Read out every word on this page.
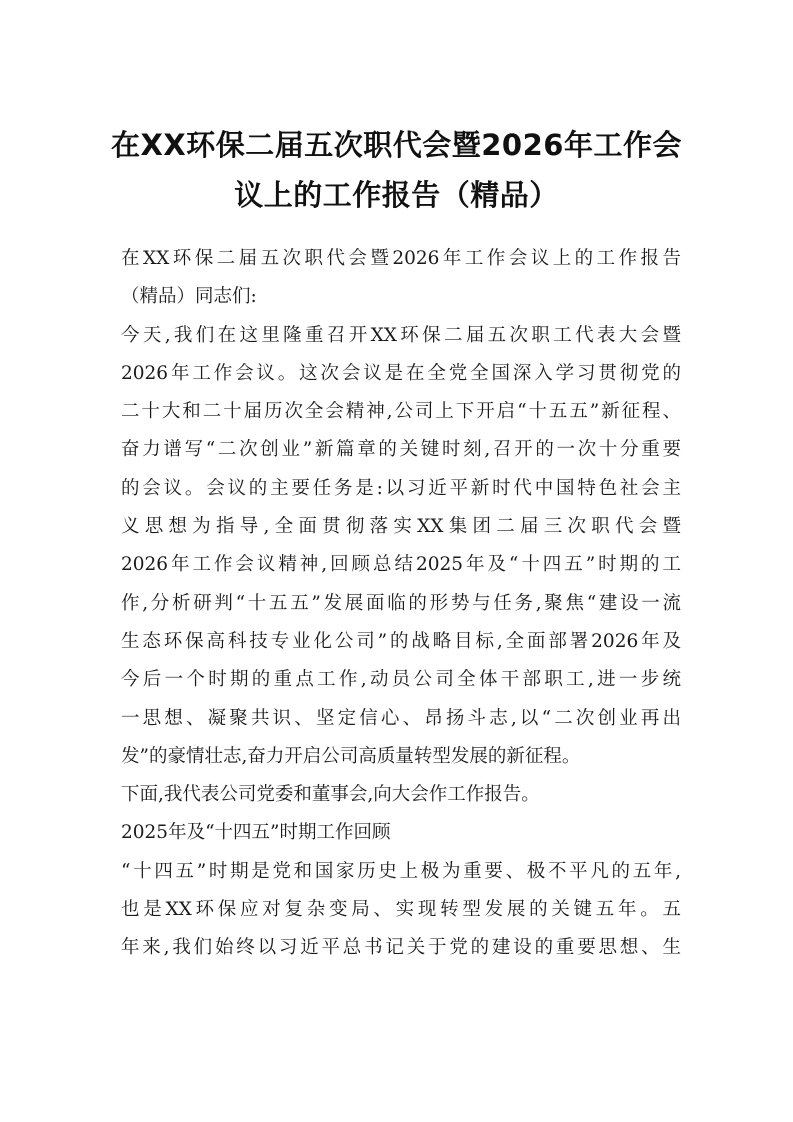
在XX环保二届五次职代会暨2026年工作会
议上的工作报告（精品）
在XX环保二届五次职代会暨2026年工作会议上的工作报告
（精品）同志们:
今天,我们在这里隆重召开XX环保二届五次职工代表大会暨
2026年工作会议。这次会议是在全党全国深入学习贯彻党的
二十大和二十届历次全会精神,公司上下开启“十五五”新征程、
奋力谱写“二次创业”新篇章的关键时刻,召开的一次十分重要
的会议。会议的主要任务是:以习近平新时代中国特色社会主
义思想为指导,全面贯彻落实XX集团二届三次职代会暨
2026年工作会议精神,回顾总结2025年及“十四五”时期的工
作,分析研判“十五五”发展面临的形势与任务,聚焦“建设一流
生态环保高科技专业化公司”的战略目标,全面部署2026年及
今后一个时期的重点工作,动员公司全体干部职工,进一步统
一思想、凝聚共识、坚定信心、昂扬斗志,以“二次创业再出
发”的豪情壮志,奋力开启公司高质量转型发展的新征程。
下面,我代表公司党委和董事会,向大会作工作报告。
2025年及“十四五”时期工作回顾
“十四五”时期是党和国家历史上极为重要、极不平凡的五年,
也是XX环保应对复杂变局、实现转型发展的关键五年。五
年来,我们始终以习近平总书记关于党的建设的重要思想、生
